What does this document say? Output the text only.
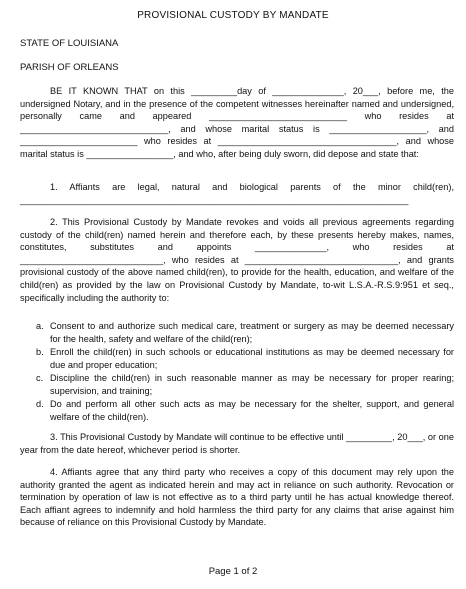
PROVISIONAL CUSTODY BY MANDATE
STATE OF LOUISIANA
PARISH OF ORLEANS

BE IT KNOWN THAT on this _________day of ______________, 20___, before me, the undersigned Notary, and in the presence of the competent witnesses hereinafter named and undersigned, personally came and appeared ___________________________ who resides at _____________________________, and whose marital status is ___________________, and _______________________ who resides at ___________________________________, and whose marital status is _________________, and who, after being duly sworn, did depose and state that:

1. Affiants are legal, natural and biological parents of the minor child(ren), ____________________________________________________________________________

2. This Provisional Custody by Mandate revokes and voids all previous agreements regarding custody of the child(ren) named herein and therefore each, by these presents hereby makes, names, constitutes, substitutes and appoints ______________, who resides at ____________________________, who resides at ______________________________, and grants provisional custody of the above named child(ren), to provide for the health, education, and welfare of the child(ren) as provided by the law on Provisional Custody by Mandate, to-wit L.S.A.-R.S.9:951 et seq., specifically including the authority to:

a. Consent to and authorize such medical care, treatment or surgery as may be deemed necessary for the health, safety and welfare of the child(ren);
b. Enroll the child(ren) in such schools or educational institutions as may be deemed necessary for due and proper education;
c. Discipline the child(ren) in such reasonable manner as may be necessary for proper rearing; supervision, and training;
d. Do and perform all other such acts as may be necessary for the shelter, support, and general welfare of the child(ren).

3. This Provisional Custody by Mandate will continue to be effective until _________, 20___, or one year from the date hereof, whichever period is shorter.

4. Affiants agree that any third party who receives a copy of this document may rely upon the authority granted the agent as indicated herein and may act in reliance on such authority. Revocation or termination by operation of law is not effective as to a third party until he has actual knowledge thereof. Each affiant agrees to indemnify and hold harmless the third party for any claims that arise against him because of reliance on this Provisional Custody by Mandate.

Page 1 of 2
